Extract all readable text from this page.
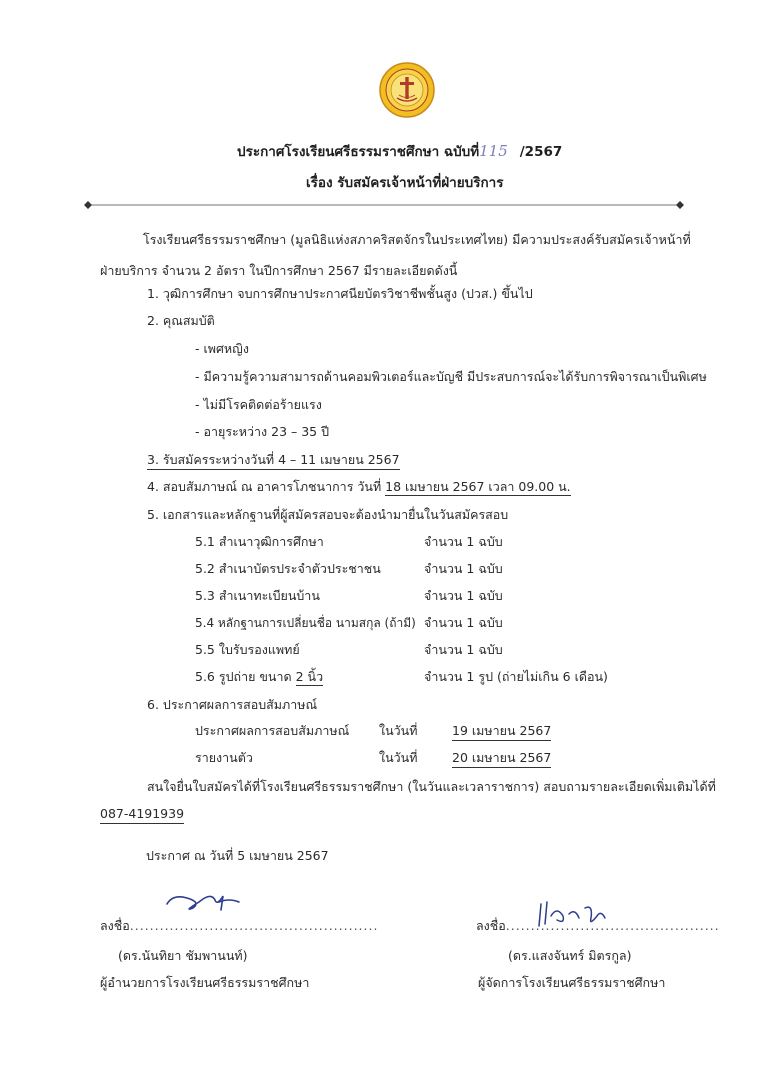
ประกาศโรงเรียนศรีธรรมราชศึกษา ฉบับที่115 /2567
เรื่อง รับสมัครเจ้าหน้าที่ฝ่ายบริการ
โรงเรียนศรีธรรมราชศึกษา (มูลนิธิแห่งสภาคริสตจักรในประเทศไทย) มีความประสงค์รับสมัครเจ้าหน้าที่
ฝ่ายบริการ จำนวน 2 อัตรา ในปีการศึกษา 2567 มีรายละเอียดดังนี้
1. วุฒิการศึกษา จบการศึกษาประกาศนียบัตรวิชาชีพชั้นสูง (ปวส.) ขึ้นไป
2. คุณสมบัติ
- เพศหญิง
- มีความรู้ความสามารถด้านคอมพิวเตอร์และบัญชี มีประสบการณ์จะได้รับการพิจารณาเป็นพิเศษ
- ไม่มีโรคติดต่อร้ายแรง
- อายุระหว่าง 23 – 35 ปี
3. รับสมัครระหว่างวันที่ 4 – 11 เมษายน 2567
4. สอบสัมภาษณ์ ณ อาคารโภชนาการ วันที่ 18 เมษายน 2567 เวลา 09.00 น.
5. เอกสารและหลักฐานที่ผู้สมัครสอบจะต้องนำมายื่นในวันสมัครสอบ
5.1 สำเนาวุฒิการศึกษา	จำนวน 1 ฉบับ
5.2 สำเนาบัตรประจำตัวประชาชน	จำนวน 1 ฉบับ
5.3 สำเนาทะเบียนบ้าน	จำนวน 1 ฉบับ
5.4 หลักฐานการเปลี่ยนชื่อ นามสกุล (ถ้ามี) จำนวน 1 ฉบับ
5.5 ใบรับรองแพทย์	จำนวน 1 ฉบับ
5.6 รูปถ่าย ขนาด 2 นิ้ว	จำนวน 1 รูป (ถ่ายไม่เกิน 6 เดือน)
6. ประกาศผลการสอบสัมภาษณ์
ประกาศผลการสอบสัมภาษณ์ ในวันที่	19 เมษายน 2567
รายงานตัว	ในวันที่	20 เมษายน 2567
สนใจยื่นใบสมัครได้ที่โรงเรียนศรีธรรมราชศึกษา (ในวันและเวลาราชการ) สอบถามรายละเอียดเพิ่มเติมได้ที่
087-4191939
ประกาศ ณ วันที่ 5 เมษายน 2567
ลงชื่อ..................................................
(ดร.นันทิยา ชัมพานนท์)
ผู้อำนวยการโรงเรียนศรีธรรมราชศึกษา
ลงชื่อ...........................................
(ดร.แสงจันทร์ มิตรกูล)
ผู้จัดการโรงเรียนศรีธรรมราชศึกษา
